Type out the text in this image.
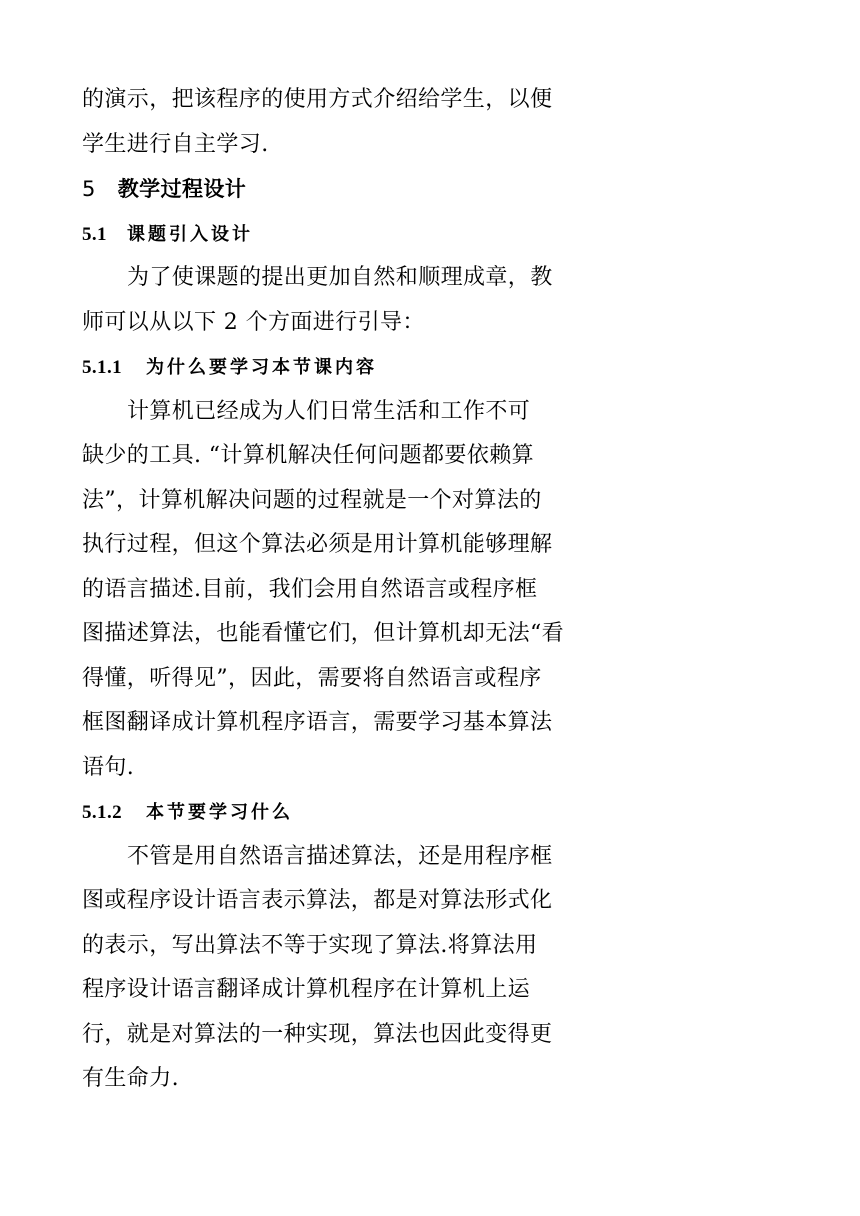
的演示，把该程序的使用方式介绍给学生，以便
学生进行自主学习.
5 教学过程设计
5.1 课题引入设计
为了使课题的提出更加自然和顺理成章，教
师可以从以下 2 个方面进行引导：
5.1.1 为什么要学习本节课内容
计算机已经成为人们日常生活和工作不可
缺少的工具. “计算机解决任何问题都要依赖算
法”，计算机解决问题的过程就是一个对算法的
执行过程，但这个算法必须是用计算机能够理解
的语言描述.目前，我们会用自然语言或程序框
图描述算法，也能看懂它们，但计算机却无法“看
得懂，听得见”，因此，需要将自然语言或程序
框图翻译成计算机程序语言，需要学习基本算法
语句.
5.1.2 本节要学习什么
不管是用自然语言描述算法，还是用程序框
图或程序设计语言表示算法，都是对算法形式化
的表示，写出算法不等于实现了算法.将算法用
程序设计语言翻译成计算机程序在计算机上运
行，就是对算法的一种实现，算法也因此变得更
有生命力.
